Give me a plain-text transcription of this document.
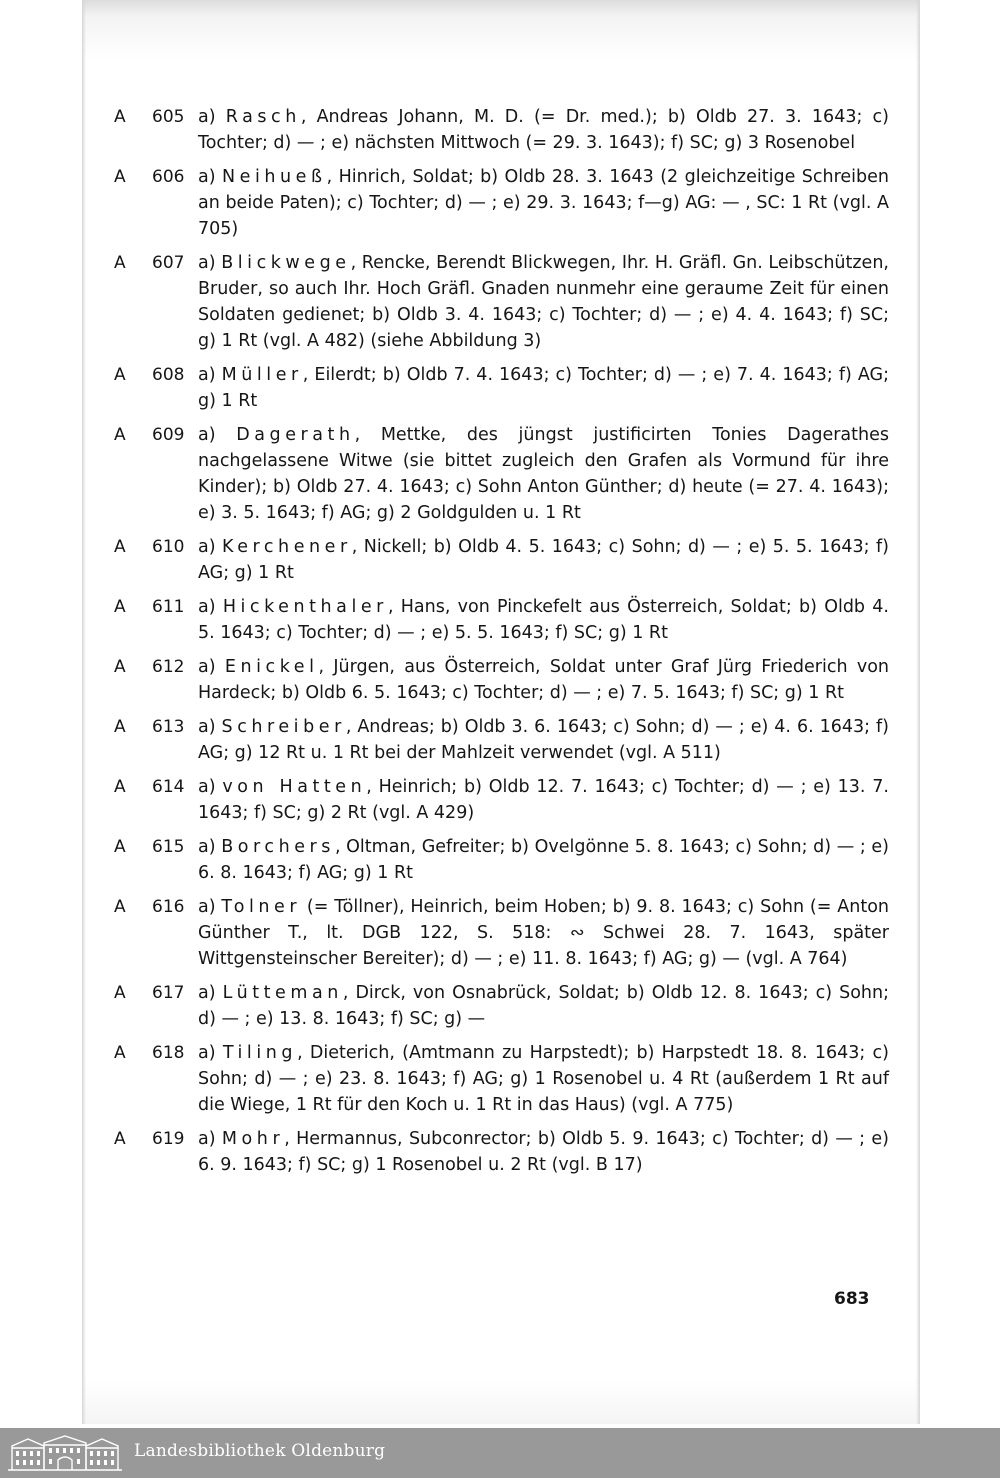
A 605 a) Rasch, Andreas Johann, M. D. (= Dr. med.); b) Oldb 27. 3. 1643; c) Tochter; d) — ; e) nächsten Mittwoch (= 29. 3. 1643); f) SC; g) 3 Rosenobel
A 606 a) Neihueß, Hinrich, Soldat; b) Oldb 28. 3. 1643 (2 gleichzeitige Schreiben an beide Paten); c) Tochter; d) — ; e) 29. 3. 1643; f—g) AG: — , SC: 1 Rt (vgl. A 705)
A 607 a) Blickwege, Rencke, Berendt Blickwegen, Ihr. H. Gräfl. Gn. Leibschützen, Bruder, so auch Ihr. Hoch Gräfl. Gnaden nunmehr eine geraume Zeit für einen Soldaten gedienet; b) Oldb 3. 4. 1643; c) Tochter; d) — ; e) 4. 4. 1643; f) SC; g) 1 Rt (vgl. A 482) (siehe Abbildung 3)
A 608 a) Müller, Eilerdt; b) Oldb 7. 4. 1643; c) Tochter; d) — ; e) 7. 4. 1643; f) AG; g) 1 Rt
A 609 a) Dagerath, Mettke, des jüngst justificirten Tonies Dagerathes nachgelassene Witwe (sie bittet zugleich den Grafen als Vormund für ihre Kinder); b) Oldb 27. 4. 1643; c) Sohn Anton Günther; d) heute (= 27. 4. 1643); e) 3. 5. 1643; f) AG; g) 2 Goldgulden u. 1 Rt
A 610 a) Kerchener, Nickell; b) Oldb 4. 5. 1643; c) Sohn; d) — ; e) 5. 5. 1643; f) AG; g) 1 Rt
A 611 a) Hickenthaler, Hans, von Pinckefelt aus Österreich, Soldat; b) Oldb 4. 5. 1643; c) Tochter; d) — ; e) 5. 5. 1643; f) SC; g) 1 Rt
A 612 a) Enickel, Jürgen, aus Österreich, Soldat unter Graf Jürg Friederich von Hardeck; b) Oldb 6. 5. 1643; c) Tochter; d) — ; e) 7. 5. 1643; f) SC; g) 1 Rt
A 613 a) Schreiber, Andreas; b) Oldb 3. 6. 1643; c) Sohn; d) — ; e) 4. 6. 1643; f) AG; g) 12 Rt u. 1 Rt bei der Mahlzeit verwendet (vgl. A 511)
A 614 a) von Hatten, Heinrich; b) Oldb 12. 7. 1643; c) Tochter; d) — ; e) 13. 7. 1643; f) SC; g) 2 Rt (vgl. A 429)
A 615 a) Borchers, Oltman, Gefreiter; b) Ovelgönne 5. 8. 1643; c) Sohn; d) — ; e) 6. 8. 1643; f) AG; g) 1 Rt
A 616 a) Tolner (= Töllner), Heinrich, beim Hoben; b) 9. 8. 1643; c) Sohn (= Anton Günther T., lt. DGB 122, S. 518: ∾ Schwei 28. 7. 1643, später Wittgensteinscher Bereiter); d) — ; e) 11. 8. 1643; f) AG; g) — (vgl. A 764)
A 617 a) Lütteman, Dirck, von Osnabrück, Soldat; b) Oldb 12. 8. 1643; c) Sohn; d) — ; e) 13. 8. 1643; f) SC; g) —
A 618 a) Tiling, Dieterich, (Amtmann zu Harpstedt); b) Harpstedt 18. 8. 1643; c) Sohn; d) — ; e) 23. 8. 1643; f) AG; g) 1 Rosenobel u. 4 Rt (außerdem 1 Rt auf die Wiege, 1 Rt für den Koch u. 1 Rt in das Haus) (vgl. A 775)
A 619 a) Mohr, Hermannus, Subconrector; b) Oldb 5. 9. 1643; c) Tochter; d) — ; e) 6. 9. 1643; f) SC; g) 1 Rosenobel u. 2 Rt (vgl. B 17)
683
Landesbibliothek Oldenburg
